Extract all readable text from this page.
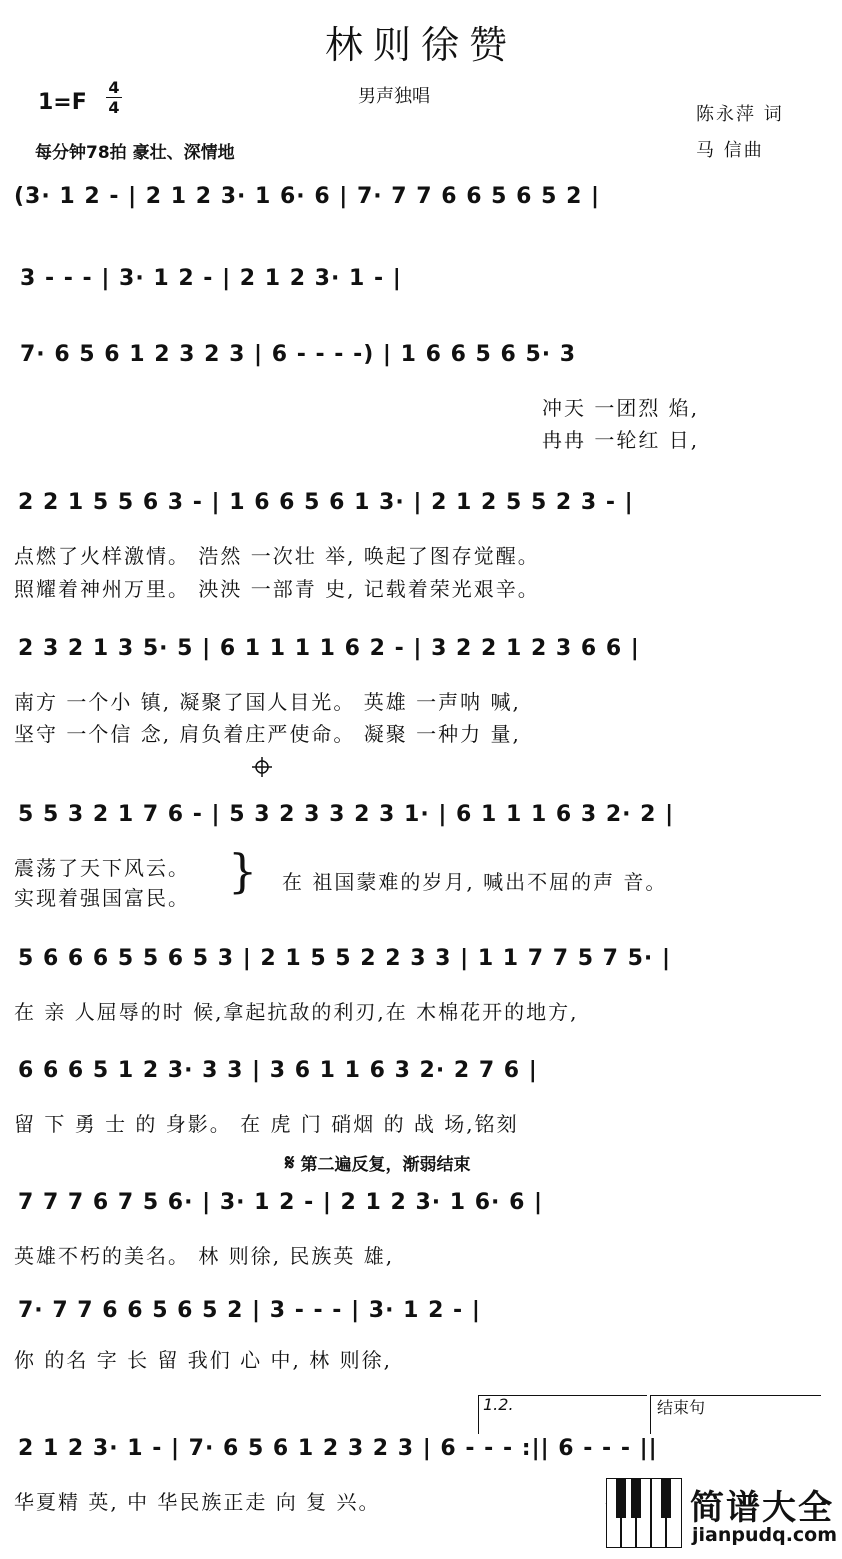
林则徐赞
男声独唱
1=F
4
4
每分钟78拍 豪壮、深情地
陈永萍 词
马 信曲
(3· 1 2 - | 2 1 2 3· 1 6· 6 | 7· 7 7 6 6 5 6 5 2 |
3 - - - | 3· 1 2 - | 2 1 2 3· 1 - |
7· 6 5 6 1 2 3 2 3 | 6 - - - -) | 1 6 6 5 6 5· 3
冲天 一团烈 焰,
冉冉 一轮红 日,
2 2 1 5 5 6 3 - | 1 6 6 5 6 1 3· | 2 1 2 5 5 2 3 - |
点燃了火样激情。 浩然 一次壮 举, 唤起了图存觉醒。
照耀着神州万里。 泱泱 一部青 史, 记载着荣光艰辛。
2 3 2 1 3 5· 5 | 6 1 1 1 1 6 2 - | 3 2 2 1 2 3 6 6 |
南方 一个小 镇, 凝聚了国人目光。 英雄 一声呐 喊,
坚守 一个信 念, 肩负着庄严使命。 凝聚 一种力 量,
5 5 3 2 1 7 6 - | 5 3 2 3 3 2 3 1· | 6 1 1 1 6 3 2· 2 |
震荡了天下风云。
实现着强国富民。 } 在 祖国蒙难的岁月, 喊出不屈的声 音。
5 6 6 6 5 5 6 5 3 | 2 1 5 5 2 2 3 3 | 1 1 7 7 5 7 5· |
在 亲 人屈辱的时 候,拿起抗敌的利刃,在 木棉花开的地方,
6 6 6 5 1 2 3· 3 3 | 3 6 1 1 6 3 2· 2 7 6 |
留 下 勇 士 的 身影。 在 虎 门 硝烟 的 战 场,铭刻
𝄋 第二遍反复，渐弱结束
7 7 7 6 7 5 6· | 3· 1 2 - | 2 1 2 3· 1 6· 6 |
英雄不朽的美名。 林 则徐, 民族英 雄,
7· 7 7 6 6 5 6 5 2 | 3 - - - | 3· 1 2 - |
你 的名 字 长 留 我们 心 中, 林 则徐,
1.2.	结束句
2 1 2 3· 1 - | 7· 6 5 6 1 2 3 2 3 | 6 - - - :|| 6 - - - ||
华夏精 英, 中 华民族正走 向 复 兴。	简谱大全
jianpudq.com
